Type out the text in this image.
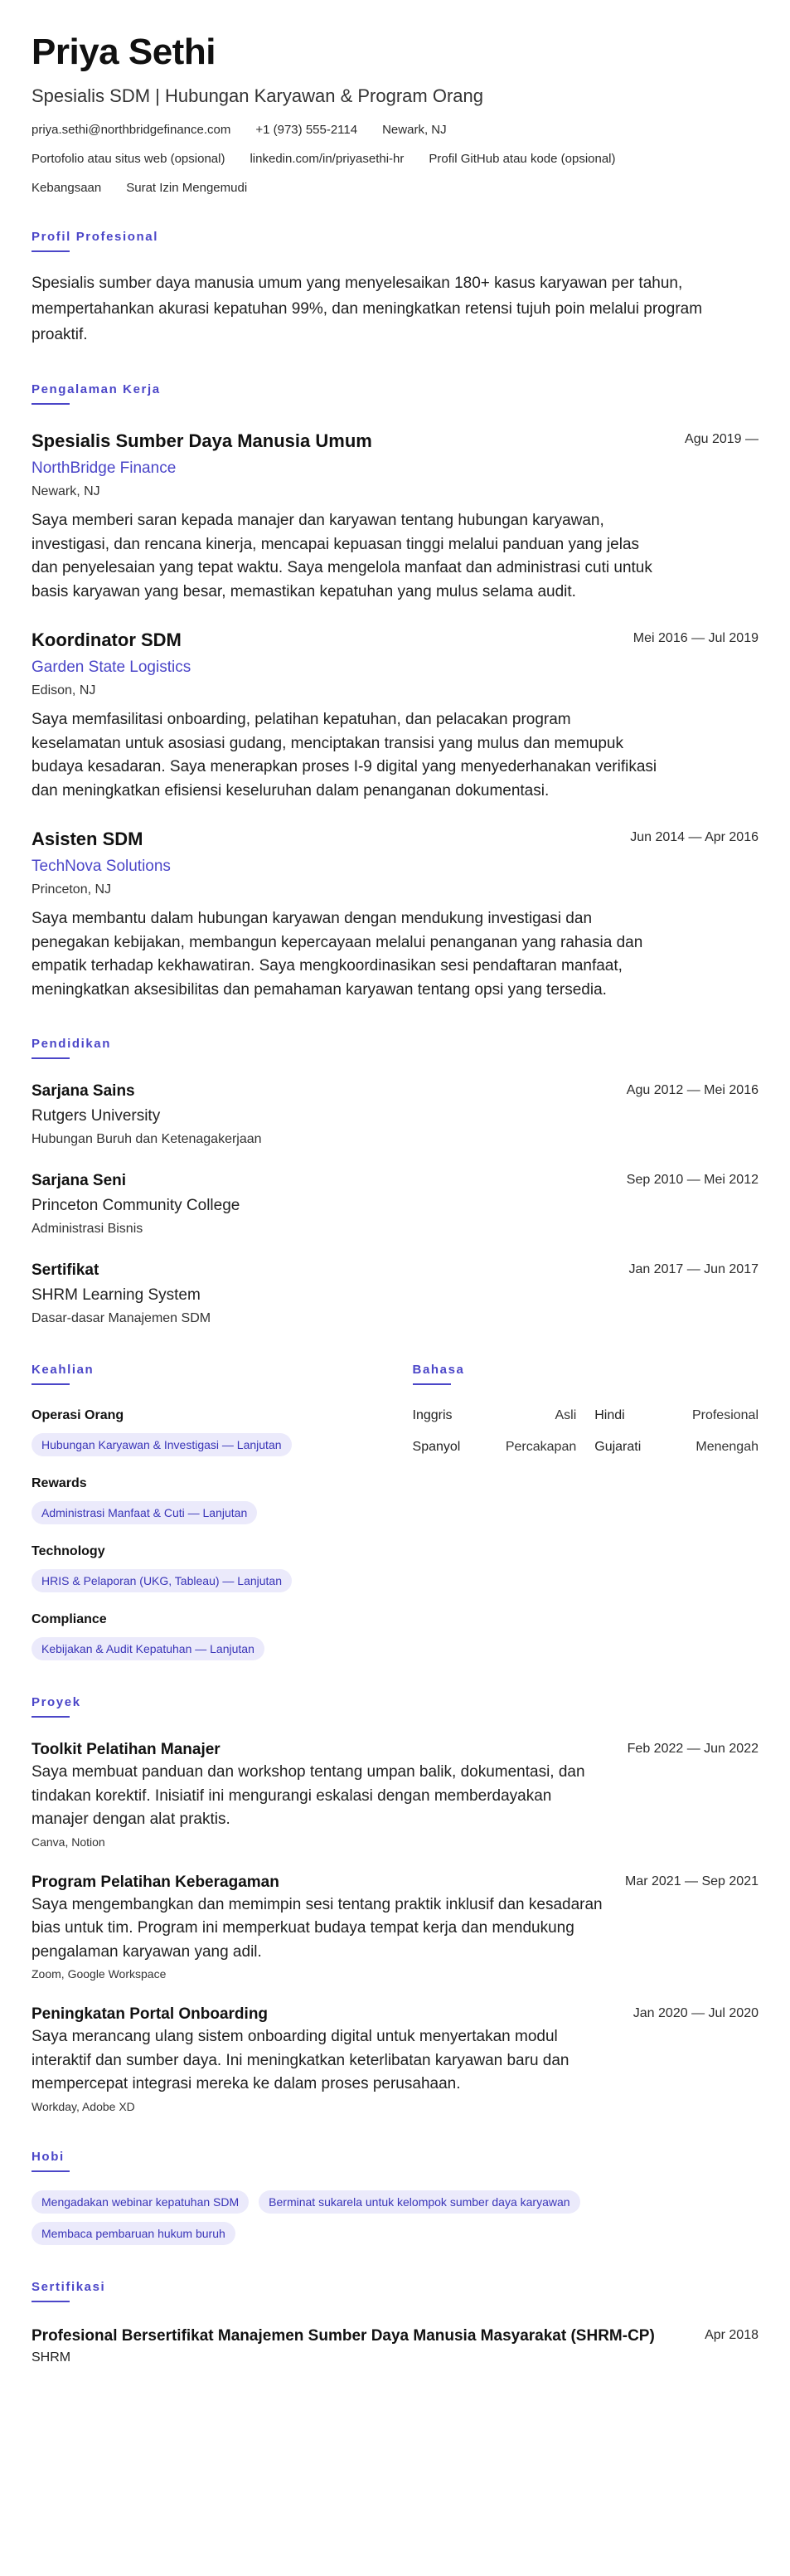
Priya Sethi
Spesialis SDM | Hubungan Karyawan & Program Orang
priya.sethi@northbridgefinance.com +1 (973) 555-2114 Newark, NJ
Portofolio atau situs web (opsional) linkedin.com/in/priyasethi-hr Profil GitHub atau kode (opsional)
Kebangsaan Surat Izin Mengemudi
Profil Profesional

Spesialis sumber daya manusia umum yang menyelesaikan 180+ kasus karyawan per tahun, mempertahankan akurasi kepatuhan 99%, dan meningkatkan retensi tujuh poin melalui program proaktif.

Pengalaman Kerja
Spesialis Sumber Daya Manusia Umum	Agu 2019 —
NorthBridge Finance
Newark, NJ

Saya memberi saran kepada manajer dan karyawan tentang hubungan karyawan, investigasi, dan rencana kinerja, mencapai kepuasan tinggi melalui panduan yang jelas dan penyelesaian yang tepat waktu. Saya mengelola manfaat dan administrasi cuti untuk basis karyawan yang besar, memastikan kepatuhan yang mulus selama audit.

Koordinator SDM	Mei 2016 — Jul 2019
Garden State Logistics
Edison, NJ

Saya memfasilitasi onboarding, pelatihan kepatuhan, dan pelacakan program keselamatan untuk asosiasi gudang, menciptakan transisi yang mulus dan memupuk budaya kesadaran. Saya menerapkan proses I-9 digital yang menyederhanakan verifikasi dan meningkatkan efisiensi keseluruhan dalam penanganan dokumentasi.

Asisten SDM	Jun 2014 — Apr 2016
TechNova Solutions
Princeton, NJ

Saya membantu dalam hubungan karyawan dengan mendukung investigasi dan penegakan kebijakan, membangun kepercayaan melalui penanganan yang rahasia dan empatik terhadap kekhawatiran. Saya mengkoordinasikan sesi pendaftaran manfaat, meningkatkan aksesibilitas dan pemahaman karyawan tentang opsi yang tersedia.

Pendidikan
Sarjana Sains	Agu 2012 — Mei 2016
Rutgers University
Hubungan Buruh dan Ketenagakerjaan
Sarjana Seni	Sep 2010 — Mei 2012
Princeton Community College
Administrasi Bisnis
Sertifikat	Jan 2017 — Jun 2017
SHRM Learning System
Dasar-dasar Manajemen SDM
Keahlian
Operasi Orang
Hubungan Karyawan & Investigasi — Lanjutan
Rewards
Administrasi Manfaat & Cuti — Lanjutan
Technology
HRIS & Pelaporan (UKG, Tableau) — Lanjutan
Compliance
Kebijakan & Audit Kepatuhan — Lanjutan
Bahasa
Inggris	Asli Hindi	Profesional
Spanyol	Percakapan Gujarati	Menengah
Proyek
Toolkit Pelatihan Manajer	Feb 2022 — Jun 2022

Saya membuat panduan dan workshop tentang umpan balik, dokumentasi, dan tindakan korektif. Inisiatif ini mengurangi eskalasi dengan memberdayakan manajer dengan alat praktis.

Canva, Notion
Program Pelatihan Keberagaman	Mar 2021 — Sep 2021

Saya mengembangkan dan memimpin sesi tentang praktik inklusif dan kesadaran bias untuk tim. Program ini memperkuat budaya tempat kerja dan mendukung pengalaman karyawan yang adil.

Zoom, Google Workspace
Peningkatan Portal Onboarding	Jan 2020 — Jul 2020

Saya merancang ulang sistem onboarding digital untuk menyertakan modul interaktif dan sumber daya. Ini meningkatkan keterlibatan karyawan baru dan mempercepat integrasi mereka ke dalam proses perusahaan.

Workday, Adobe XD
Hobi
Mengadakan webinar kepatuhan SDM	Berminat sukarela untuk kelompok sumber daya karyawan
Membaca pembaruan hukum buruh
Sertifikasi
Profesional Bersertifikat Manajemen Sumber Daya Manusia Masyarakat (SHRM-CP)	Apr 2018
SHRM
